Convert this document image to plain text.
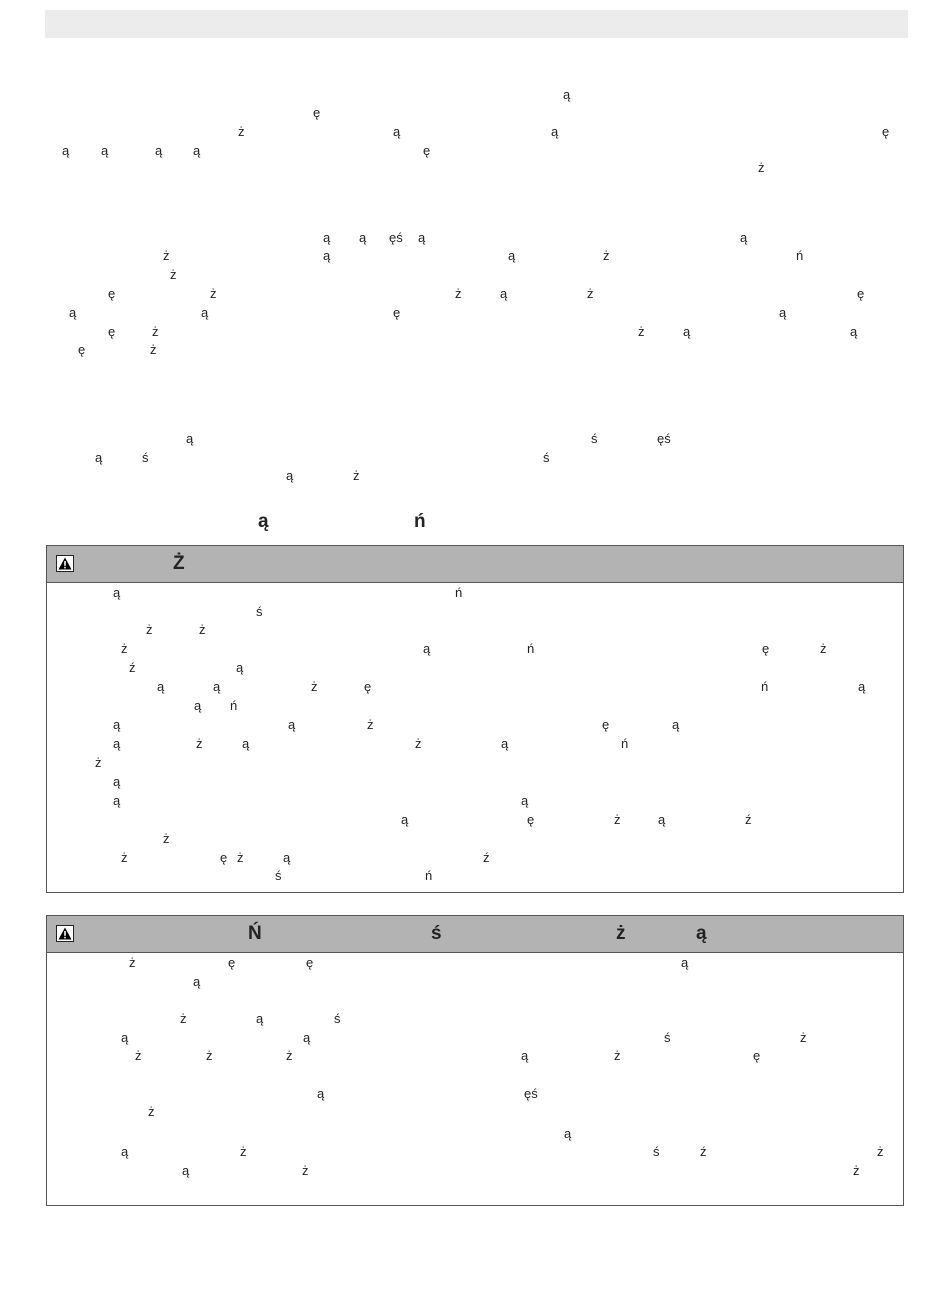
ą
ę
ż	ą	ą	ę
ą ą	ą ą	ę
ż
ą ą ęś ą	ą
ż	ą	ą	ż	ń
ż
ę	ż	ż	ą	ż	ę
ą	ą	ę	ą
ę	ż	ż	ą	ą
ę	ż
ą	ś	ęś
ą	ś	ś
ą	ż
ą	ń
Ż
ą	ń
ś
ż	ż
ż	ą	ń	ę	ż
ź	ą
ą	ą	ż	ę	ń	ą
ą ń
ą	ą	ż	ę	ą
ą	ż	ą	ż	ą	ń
ż
ą
ą	ą
ą	ę	ż	ą	ź
ż
ż	ę ż	ą	ź
ś	ń
Ń	ś	ż	ą
ż	ę	ę	ą
ą
ż	ą	ś
ą	ą	ś	ż
ż	ż	ż	ą	ż	ę
ą	ęś
ż
ą
ą	ż	ś	ź	ż
ą	ż	ż
